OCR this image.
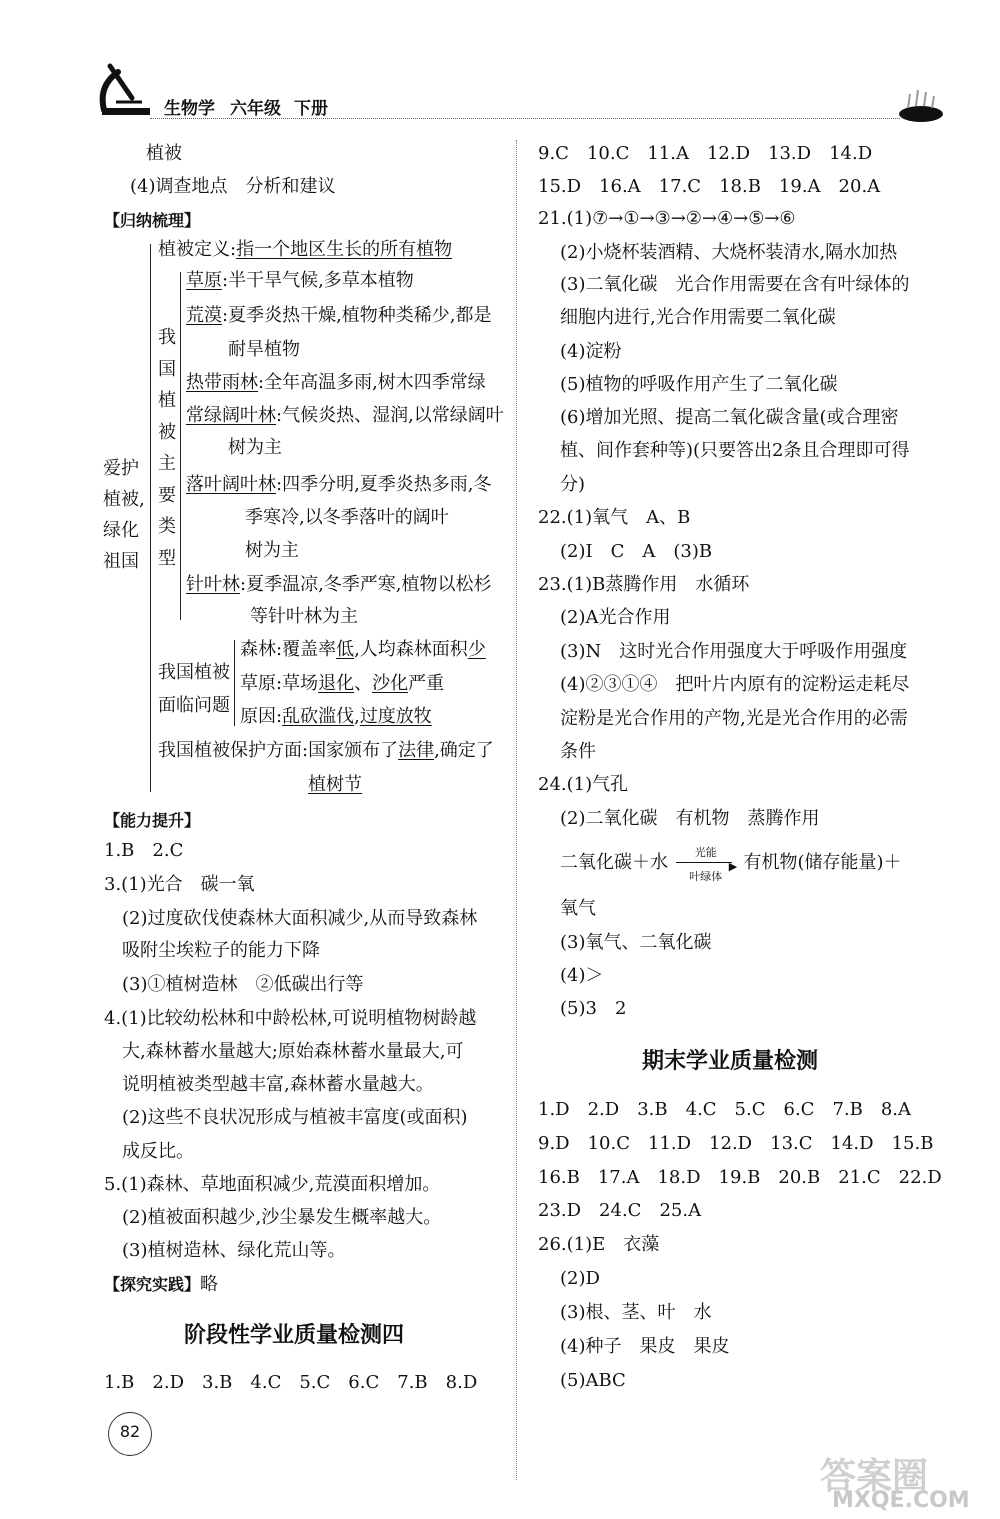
生物学 六年级 下册
植被
(4)调查地点　分析和建议
【归纳梳理】
爱护
植被,
绿化
祖国
植被定义:指一个地区生长的所有植物
我
国
植
被
主
要
类
型
草原:半干旱气候,多草本植物
荒漠:夏季炎热干燥,植物种类稀少,都是
耐旱植物
热带雨林:全年高温多雨,树木四季常绿
常绿阔叶林:气候炎热、湿润,以常绿阔叶
树为主
落叶阔叶林:四季分明,夏季炎热多雨,冬
季寒冷,以冬季落叶的阔叶
树为主
针叶林:夏季温凉,冬季严寒,植物以松杉
等针叶林为主
我国植被
面临问题
森林:覆盖率低,人均森林面积少
草原:草场退化、沙化严重
原因:乱砍滥伐,过度放牧
我国植被保护方面:国家颁布了法律,确定了
植树节
【能力提升】
1.B　2.C
3.(1)光合　碳一氧
(2)过度砍伐使森林大面积减少,从而导致森林
吸附尘埃粒子的能力下降
(3)①植树造林　②低碳出行等
4.(1)比较幼松林和中龄松林,可说明植物树龄越
大,森林蓄水量越大;原始森林蓄水量最大,可
说明植被类型越丰富,森林蓄水量越大。
(2)这些不良状况形成与植被丰富度(或面积)
成反比。
5.(1)森林、草地面积减少,荒漠面积增加。
(2)植被面积越少,沙尘暴发生概率越大。
(3)植树造林、绿化荒山等。
【探究实践】略
阶段性学业质量检测四
1.B　2.D　3.B　4.C　5.C　6.C　7.B　8.D
82
9.C　10.C　11.A　12.D　13.D　14.D
15.D　16.A　17.C　18.B　19.A　20.A
21.(1)⑦→①→③→②→④→⑤→⑥
(2)小烧杯装酒精、大烧杯装清水,隔水加热
(3)二氧化碳　光合作用需要在含有叶绿体的
细胞内进行,光合作用需要二氧化碳
(4)淀粉
(5)植物的呼吸作用产生了二氧化碳
(6)增加光照、提高二氧化碳含量(或合理密
植、间作套种等)(只要答出2条且合理即可得
分)
22.(1)氧气　A、B
(2)I　C　A　(3)B
23.(1)B蒸腾作用　水循环
(2)A光合作用
(3)N　这时光合作用强度大于呼吸作用强度
(4)②③①④　把叶片内原有的淀粉运走耗尽
淀粉是光合作用的产物,光是光合作用的必需
条件
24.(1)气孔
(2)二氧化碳　有机物　蒸腾作用
二氧化碳＋水	光能
▶
叶绿体
有机物(储存能量)＋
氧气
(3)氧气、二氧化碳
(4)＞
(5)3　2
期末学业质量检测
1.D　2.D　3.B　4.C　5.C　6.C　7.B　8.A
9.D　10.C　11.D　12.D　13.C　14.D　15.B
16.B　17.A　18.D　19.B　20.B　21.C　22.D
23.D　24.C　25.A
26.(1)E　衣藻
(2)D
(3)根、茎、叶　水
(4)种子　果皮　果皮
(5)ABC
答案圈
MXQE.COM
